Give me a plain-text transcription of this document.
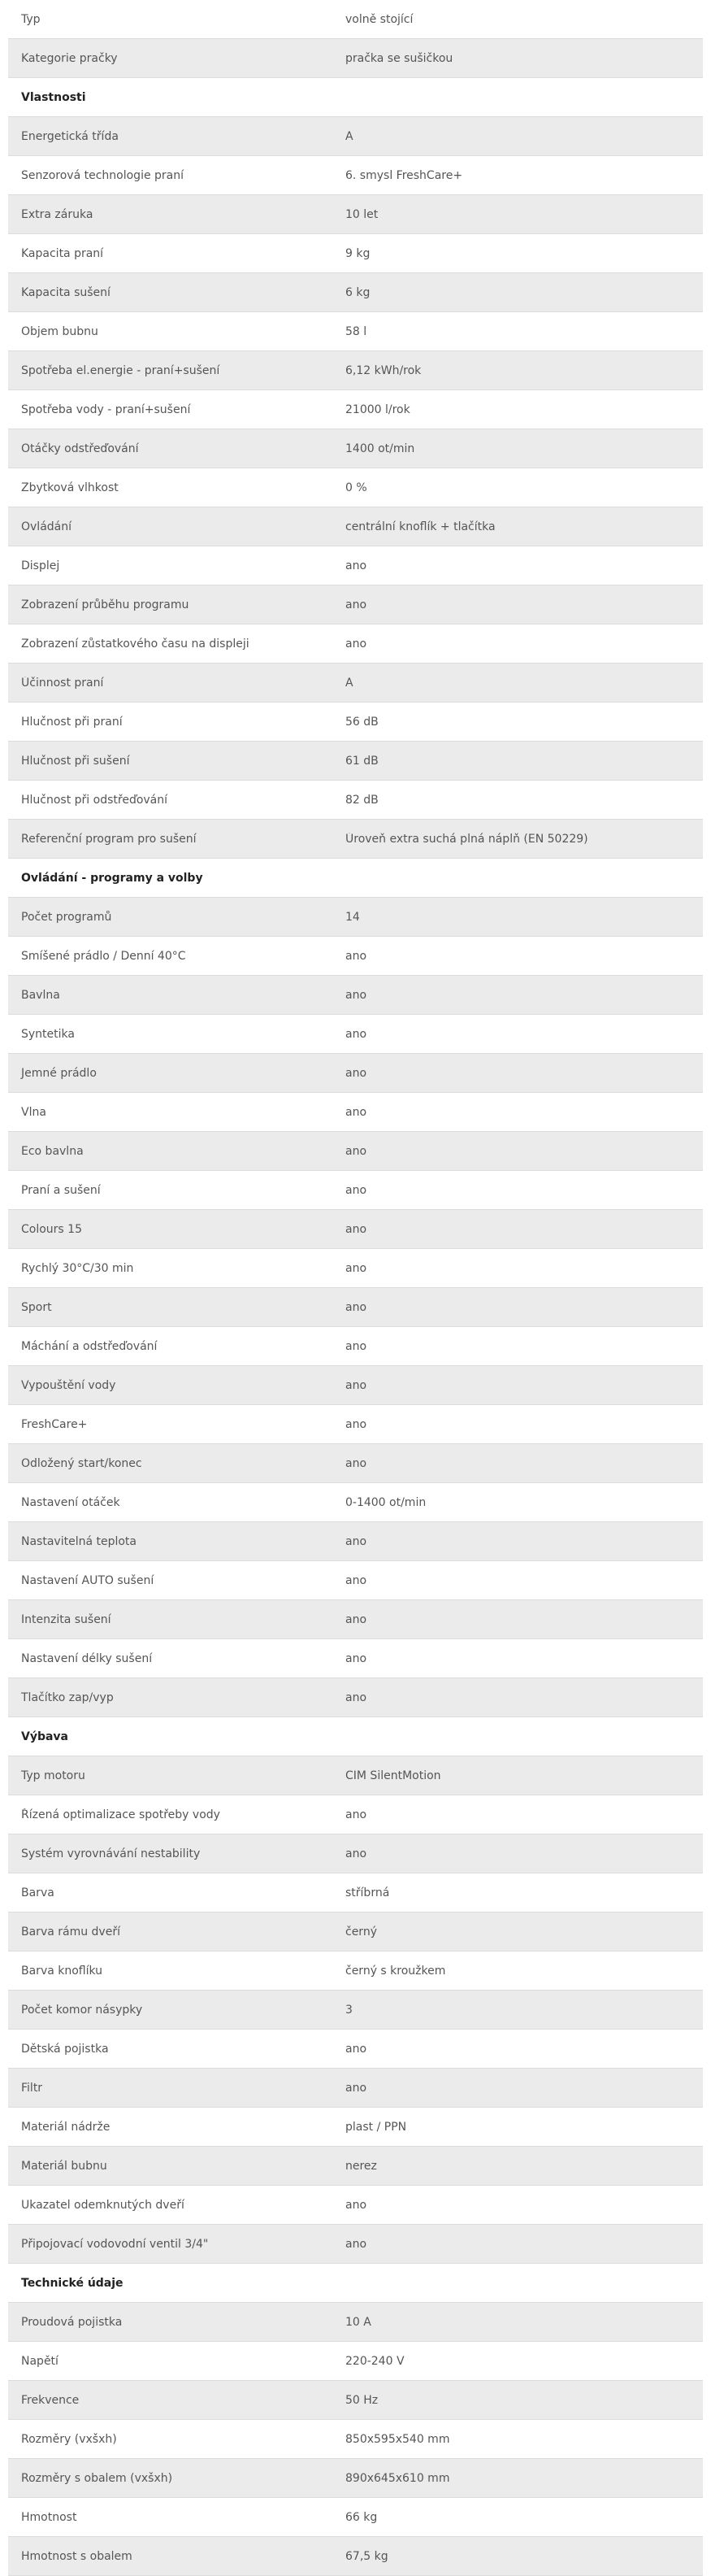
Typ	volně stojící
Kategorie pračky	pračka se sušičkou
Vlastnosti
Energetická třída	A
Senzorová technologie praní	6. smysl FreshCare+
Extra záruka	10 let
Kapacita praní	9 kg
Kapacita sušení	6 kg
Objem bubnu	58 l
Spotřeba el.energie - praní+sušení	6,12 kWh/rok
Spotřeba vody - praní+sušení	21000 l/rok
Otáčky odstřeďování	1400 ot/min
Zbytková vlhkost	0 %
Ovládání	centrální knoflík + tlačítka
Displej	ano
Zobrazení průběhu programu	ano
Zobrazení zůstatkového času na displeji	ano
Účinnost praní	A
Hlučnost při praní	56 dB
Hlučnost při sušení	61 dB
Hlučnost při odstřeďování	82 dB
Referenční program pro sušení	Úroveň extra suchá plná náplň (EN 50229)
Ovládání - programy a volby
Počet programů	14
Smíšené prádlo / Denní 40°C	ano
Bavlna	ano
Syntetika	ano
Jemné prádlo	ano
Vlna	ano
Eco bavlna	ano
Praní a sušení	ano
Colours 15	ano
Rychlý 30°C/30 min	ano
Sport	ano
Máchání a odstřeďování	ano
Vypouštění vody	ano
FreshCare+	ano
Odložený start/konec	ano
Nastavení otáček	0-1400 ot/min
Nastavitelná teplota	ano
Nastavení AUTO sušení	ano
Intenzita sušení	ano
Nastavení délky sušení	ano
Tlačítko zap/vyp	ano
Výbava
Typ motoru	CIM SilentMotion
Řízená optimalizace spotřeby vody	ano
Systém vyrovnávání nestability	ano
Barva	stříbrná
Barva rámu dveří	černý
Barva knoflíku	černý s kroužkem
Počet komor násypky	3
Dětská pojistka	ano
Filtr	ano
Materiál nádrže	plast / PPN
Materiál bubnu	nerez
Ukazatel odemknutých dveří	ano
Připojovací vodovodní ventil 3/4"	ano
Technické údaje
Proudová pojistka	10 A
Napětí	220-240 V
Frekvence	50 Hz
Rozměry (vxšxh)	850x595x540 mm
Rozměry s obalem (vxšxh)	890x645x610 mm
Hmotnost	66 kg
Hmotnost s obalem	67,5 kg
